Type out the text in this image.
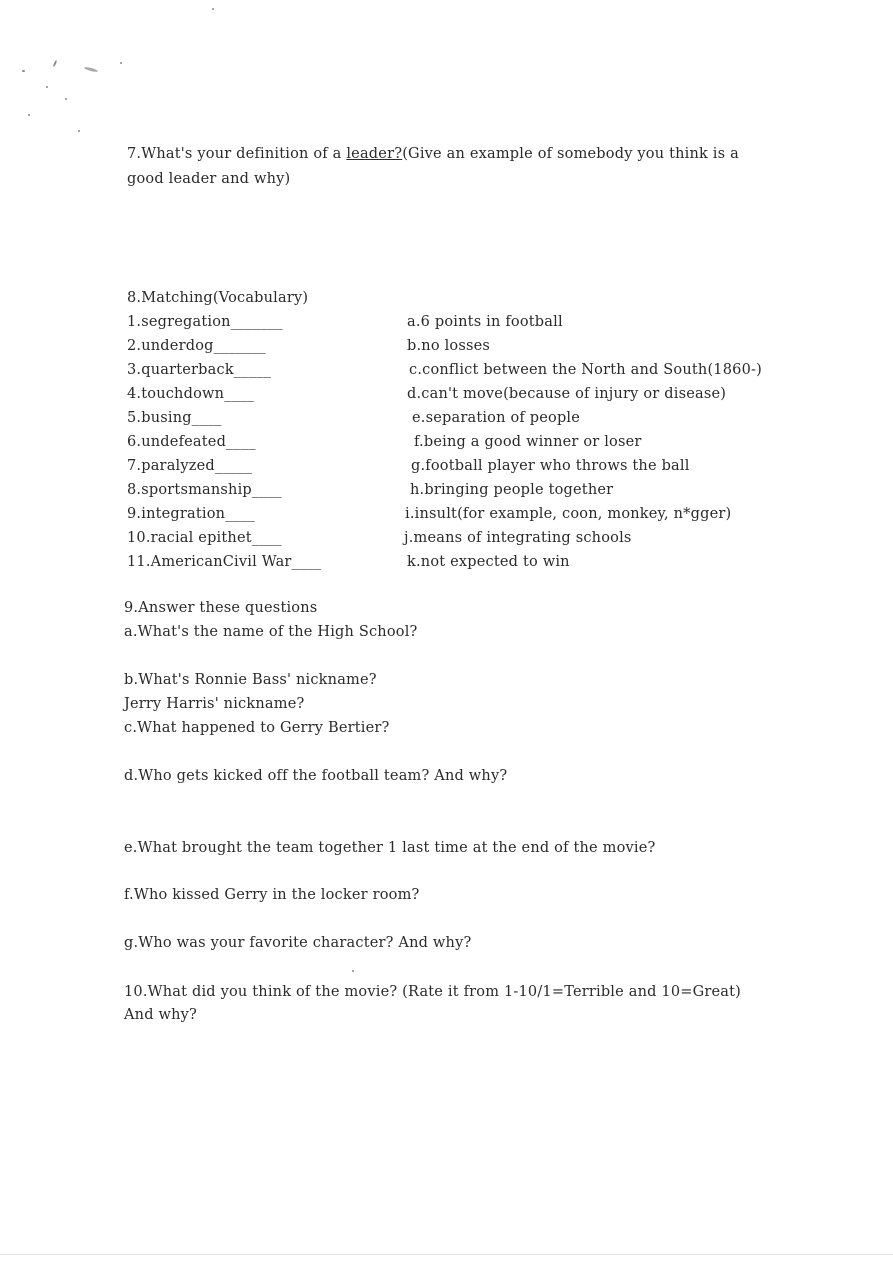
7.What's your definition of a leader?(Give an example of somebody you think is a
good leader and why)
8.Matching(Vocabulary)
1.segregation_______
2.underdog_______
3.quarterback_____
4.touchdown____
5.busing____
6.undefeated____
7.paralyzed_____
8.sportsmanship____
9.integration____
10.racial epithet____
11.AmericanCivil War____
a.6 points in football
b.no losses
c.conflict between the North and South(1860-)
d.can't move(because of injury or disease)
e.separation of people
f.being a good winner or loser
g.football player who throws the ball
h.bringing people together
i.insult(for example, coon, monkey, n*gger)
j.means of integrating schools
k.not expected to win
9.Answer these questions
a.What's the name of the High School?
b.What's Ronnie Bass' nickname?
Jerry Harris' nickname?
c.What happened to Gerry Bertier?
d.Who gets kicked off the football team? And why?
e.What brought the team together 1 last time at the end of the movie?
f.Who kissed Gerry in the locker room?
g.Who was your favorite character? And why?
10.What did you think of the movie? (Rate it from 1-10/1=Terrible and 10=Great)
And why?
